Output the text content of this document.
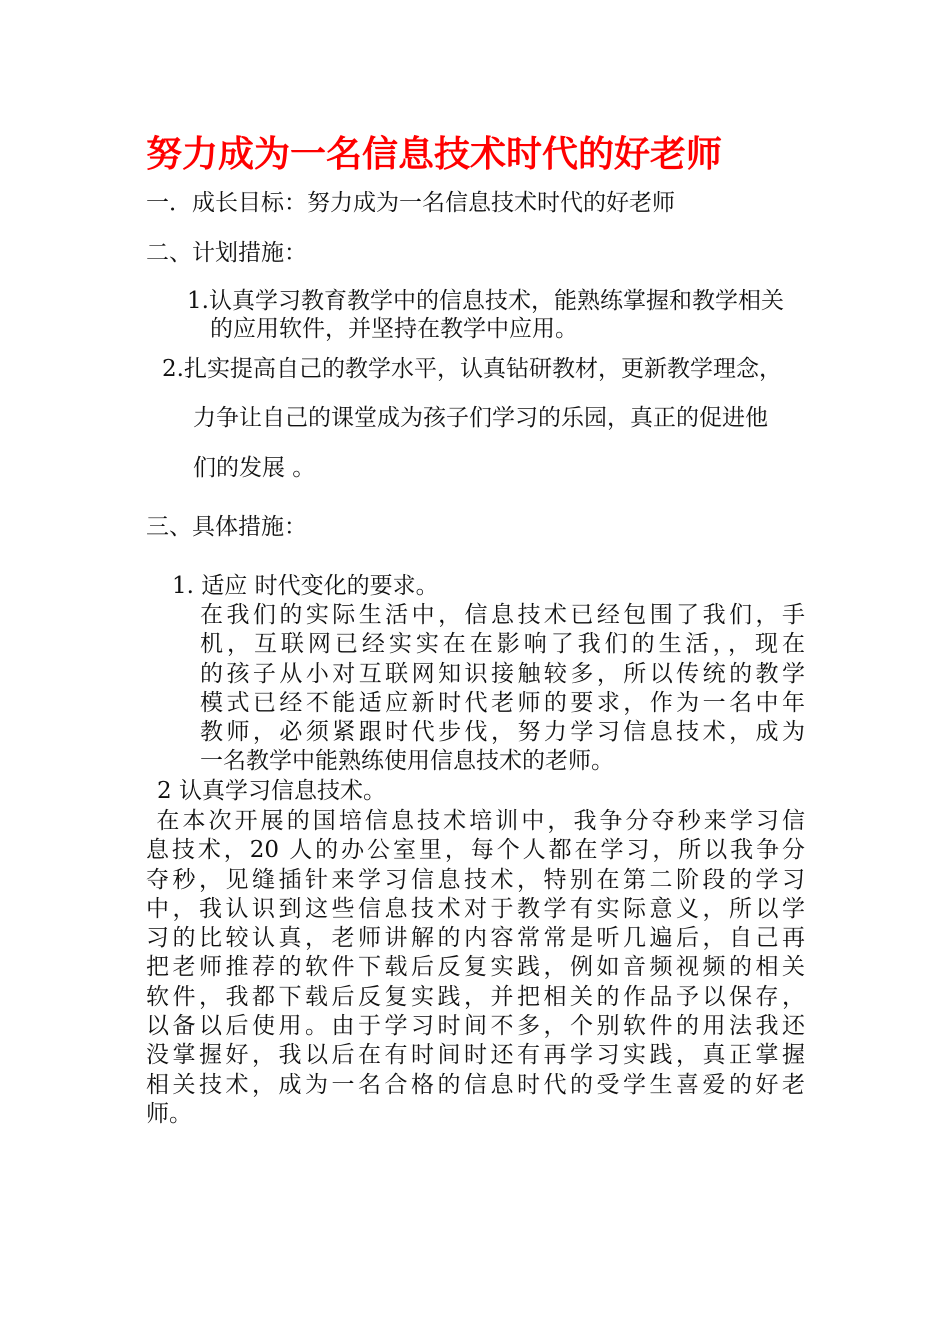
努力成为一名信息技术时代的好老师

一．成长目标：努力成为一名信息技术时代的好老师

二、计划措施：

1.认真学习教育教学中的信息技术，能熟练掌握和教学相关

的应用软件，并坚持在教学中应用。

2.扎实提高自己的教学水平，认真钻研教材，更新教学理念，

力争让自己的课堂成为孩子们学习的乐园，真正的促进他

们的发展 。

三、具体措施：

1. 适应 时代变化的要求。

在我们的实际生活中，信息技术已经包围了我们，手
机，互联网已经实实在在影响了我们的生活，，现在
的孩子从小对互联网知识接触较多，所以传统的教学
模式已经不能适应新时代老师的要求，作为一名中年
教师，必须紧跟时代步伐，努力学习信息技术，成为
一名教学中能熟练使用信息技术的老师。

2 认真学习信息技术。

在本次开展的国培信息技术培训中，我争分夺秒来学习信
息技术，20 人的办公室里，每个人都在学习，所以我争分
夺秒，见缝插针来学习信息技术，特别在第二阶段的学习
中，我认识到这些信息技术对于教学有实际意义，所以学
习的比较认真，老师讲解的内容常常是听几遍后，自己再
把老师推荐的软件下载后反复实践，例如音频视频的相关
软件，我都下载后反复实践，并把相关的作品予以保存，
以备以后使用。由于学习时间不多，个别软件的用法我还
没掌握好，我以后在有时间时还有再学习实践，真正掌握
相关技术，成为一名合格的信息时代的受学生喜爱的好老
师。
